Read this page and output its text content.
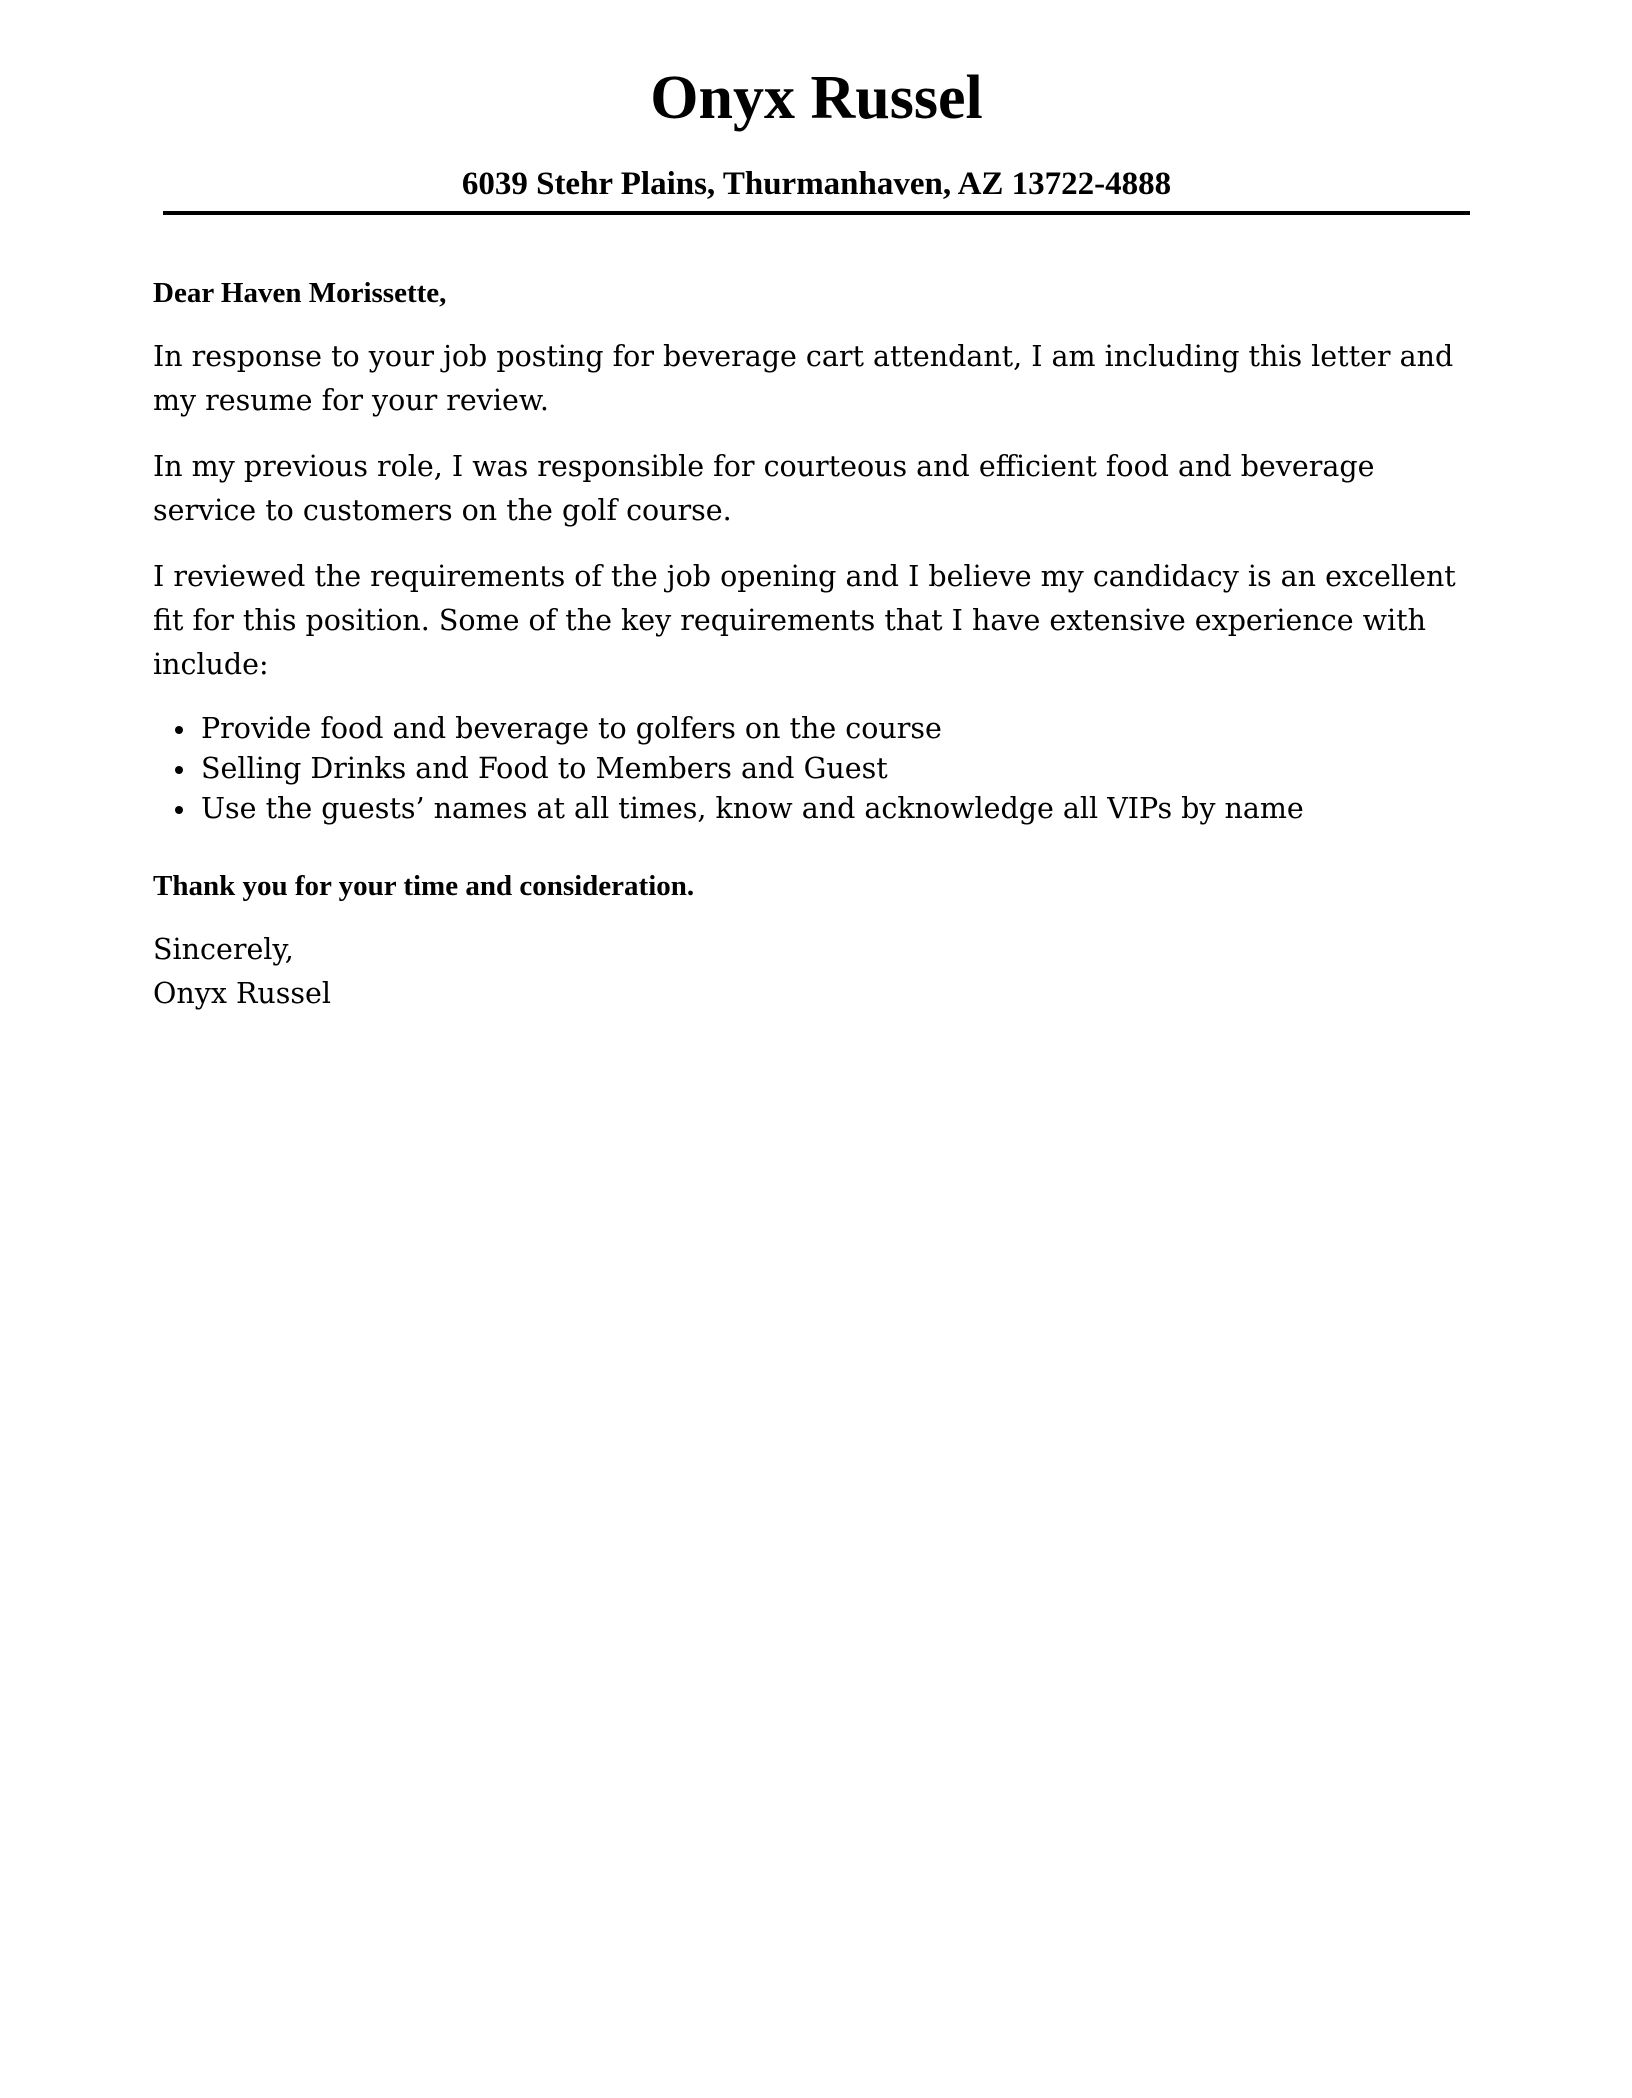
Onyx Russel
6039 Stehr Plains, Thurmanhaven, AZ 13722-4888

Dear Haven Morissette,

In response to your job posting for beverage cart attendant, I am including this letter and my resume for your review.

In my previous role, I was responsible for courteous and efficient food and beverage service to customers on the golf course.

I reviewed the requirements of the job opening and I believe my candidacy is an excellent fit for this position. Some of the key requirements that I have extensive experience with include:

Provide food and beverage to golfers on the course
Selling Drinks and Food to Members and Guest
Use the guests’ names at all times, know and acknowledge all VIPs by name

Thank you for your time and consideration.

Sincerely,

Onyx Russel
